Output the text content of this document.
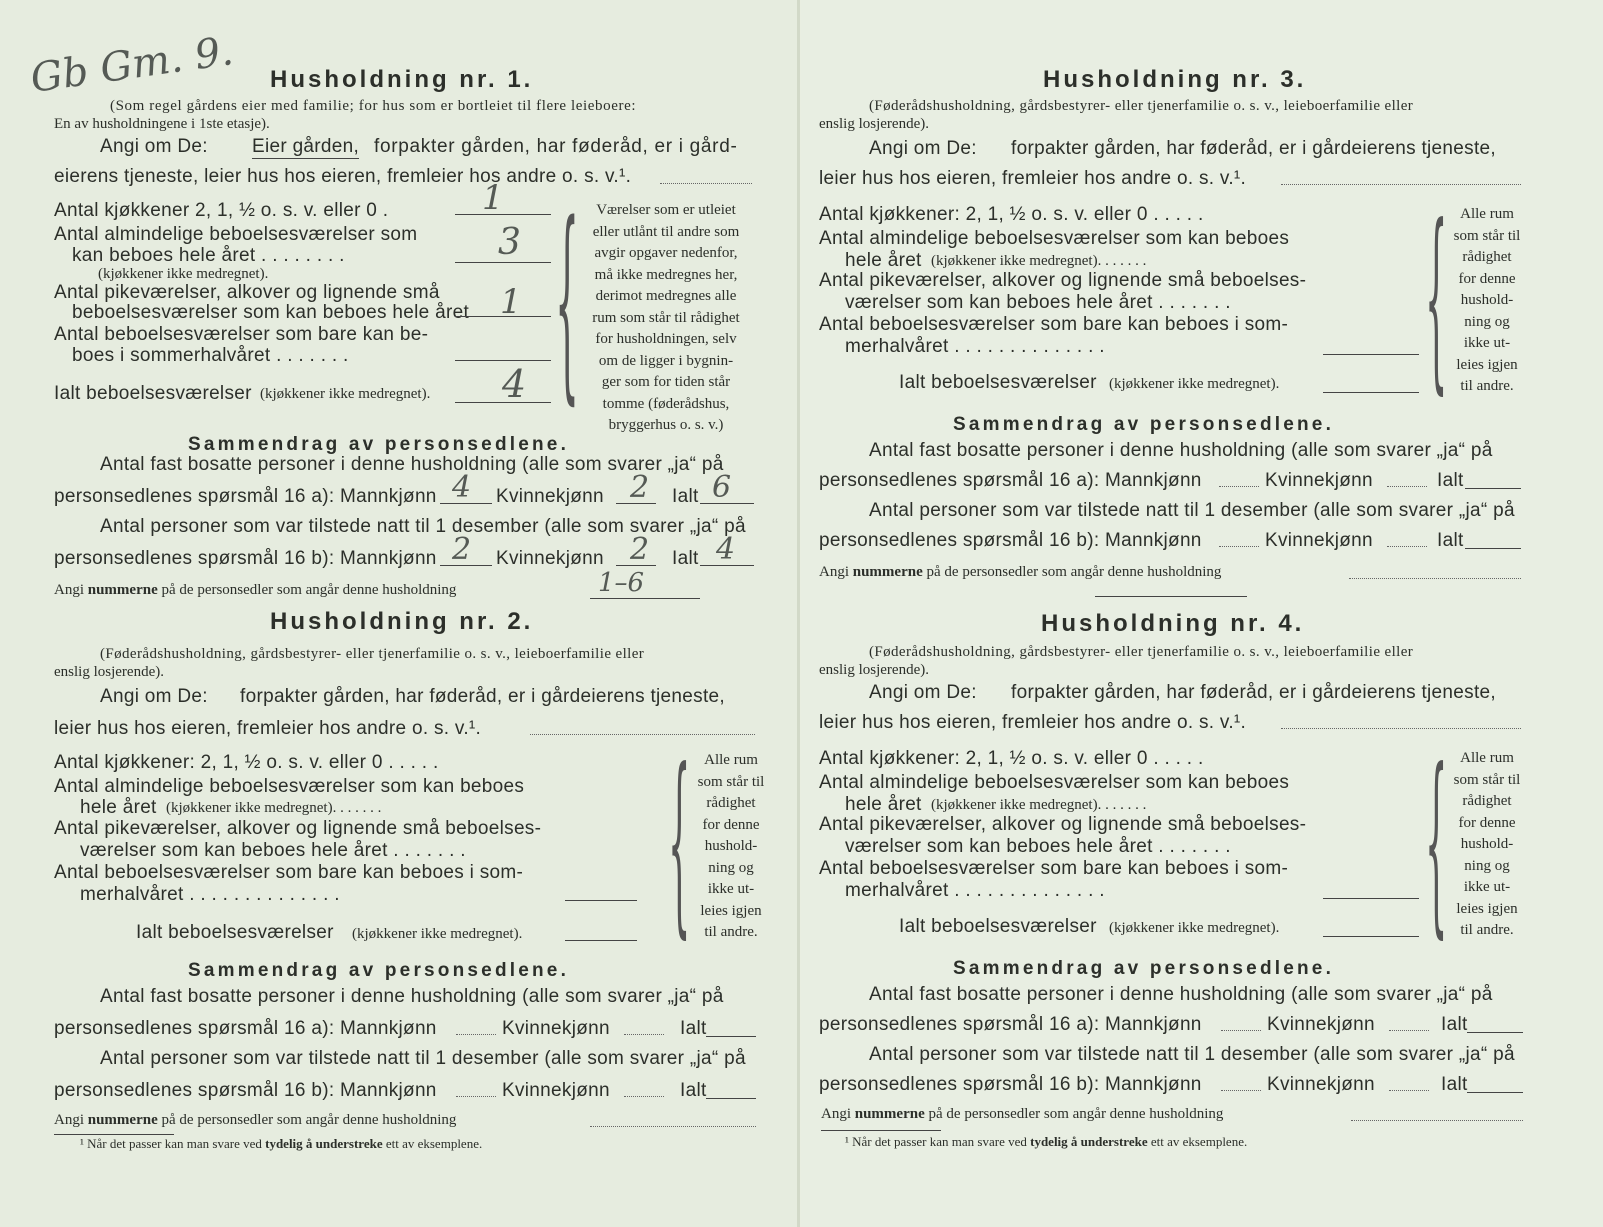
Gb Gm. 9. Husholdning nr. 1.
(Som regel gårdens eier med familie; for hus som er bortleiet til flere leieboere:
En av husholdningene i 1ste etasje).
Angi om De: Eier gården, forpakter gården, har føderåd, er i gård-
eierens tjeneste, leier hus hos eieren, fremleier hos andre o. s. v.¹.
Antal kjøkkener 2, 1, ½ o. s. v. eller 0 .	1
Antal almindelige beboelsesværelser som
kan beboes hele året . . . . . . . .
(kjøkkener ikke medregnet).
3
Antal pikeværelser, alkover og lignende små
beboelsesværelser som kan beboes hele året 1
Antal beboelsesværelser som bare kan be-
boes i sommerhalvåret . . . . . . .
Ialt beboelsesværelser (kjøkkener ikke medregnet). 4 {	Værelser som er utleiet
eller utlånt til andre som
avgir opgaver nedenfor,
må ikke medregnes her,
derimot medregnes alle
rum som står til rådighet
for husholdningen, selv
om de ligger i bygnin-
ger som for tiden står
tomme (føderådshus,
bryggerhus o. s. v.)
Sammendrag av personsedlene.
Antal fast bosatte personer i denne husholdning (alle som svarer „ja“ på
personsedlenes spørsmål 16 a): Mannkjønn 4 Kvinnekjønn 2 Ialt 6
Antal personer som var tilstede natt til 1 desember (alle som svarer „ja“ på
personsedlenes spørsmål 16 b): Mannkjønn 2 Kvinnekjønn 2 Ialt 4
Angi nummerne på de personsedler som angår denne husholdning	1–6
Husholdning nr. 2.
(Føderådshusholdning, gårdsbestyrer- eller tjenerfamilie o. s. v., leieboerfamilie eller
enslig losjerende).
Angi om De: forpakter gården, har føderåd, er i gårdeierens tjeneste,
leier hus hos eieren, fremleier hos andre o. s. v.¹.
Antal kjøkkener: 2, 1, ½ o. s. v. eller 0 . . . . .
Antal almindelige beboelsesværelser som kan beboes
hele året (kjøkkener ikke medregnet). . . . . . .
Antal pikeværelser, alkover og lignende små beboelses-
værelser som kan beboes hele året . . . . . . .
Antal beboelsesværelser som bare kan beboes i som-
merhalvåret . . . . . . . . . . . . . .
Ialt beboelsesværelser (kjøkkener ikke medregnet). { Alle rum
som står til
rådighet
for denne
hushold-
ning og
ikke ut-
leies igjen
til andre.
Sammendrag av personsedlene.
Antal fast bosatte personer i denne husholdning (alle som svarer „ja“ på
personsedlenes spørsmål 16 a): Mannkjønn	Kvinnekjønn	Ialt
Antal personer som var tilstede natt til 1 desember (alle som svarer „ja“ på
personsedlenes spørsmål 16 b): Mannkjønn	Kvinnekjønn	Ialt
Angi nummerne på de personsedler som angår denne husholdning
¹ Når det passer kan man svare ved tydelig å understreke ett av eksemplene.
Husholdning nr. 3.
(Føderådshusholdning, gårdsbestyrer- eller tjenerfamilie o. s. v., leieboerfamilie eller
enslig losjerende).
Angi om De: forpakter gården, har føderåd, er i gårdeierens tjeneste,
leier hus hos eieren, fremleier hos andre o. s. v.¹.
Antal kjøkkener: 2, 1, ½ o. s. v. eller 0 . . . . .
Antal almindelige beboelsesværelser som kan beboes
hele året (kjøkkener ikke medregnet). . . . . . .
Antal pikeværelser, alkover og lignende små beboelses-
værelser som kan beboes hele året . . . . . . .
Antal beboelsesværelser som bare kan beboes i som-
merhalvåret . . . . . . . . . . . . . .
Ialt beboelsesværelser (kjøkkener ikke medregnet). { Alle rum
som står til
rådighet
for denne
hushold-
ning og
ikke ut-
leies igjen
til andre.
Sammendrag av personsedlene.
Antal fast bosatte personer i denne husholdning (alle som svarer „ja“ på
personsedlenes spørsmål 16 a): Mannkjønn	Kvinnekjønn	Ialt
Antal personer som var tilstede natt til 1 desember (alle som svarer „ja“ på
personsedlenes spørsmål 16 b): Mannkjønn	Kvinnekjønn	Ialt
Angi nummerne på de personsedler som angår denne husholdning
Husholdning nr. 4.
(Føderådshusholdning, gårdsbestyrer- eller tjenerfamilie o. s. v., leieboerfamilie eller
enslig losjerende).
Angi om De: forpakter gården, har føderåd, er i gårdeierens tjeneste,
leier hus hos eieren, fremleier hos andre o. s. v.¹.
Antal kjøkkener: 2, 1, ½ o. s. v. eller 0 . . . . .
Antal almindelige beboelsesværelser som kan beboes
hele året (kjøkkener ikke medregnet). . . . . . .
Antal pikeværelser, alkover og lignende små beboelses-
værelser som kan beboes hele året . . . . . . .
Antal beboelsesværelser som bare kan beboes i som-
merhalvåret . . . . . . . . . . . . . .
Ialt beboelsesværelser (kjøkkener ikke medregnet). { Alle rum
som står til
rådighet
for denne
hushold-
ning og
ikke ut-
leies igjen
til andre.
Sammendrag av personsedlene.
Antal fast bosatte personer i denne husholdning (alle som svarer „ja“ på
personsedlenes spørsmål 16 a): Mannkjønn	Kvinnekjønn	Ialt
Antal personer som var tilstede natt til 1 desember (alle som svarer „ja“ på
personsedlenes spørsmål 16 b): Mannkjønn	Kvinnekjønn	Ialt
Angi nummerne på de personsedler som angår denne husholdning
¹ Når det passer kan man svare ved tydelig å understreke ett av eksemplene.
